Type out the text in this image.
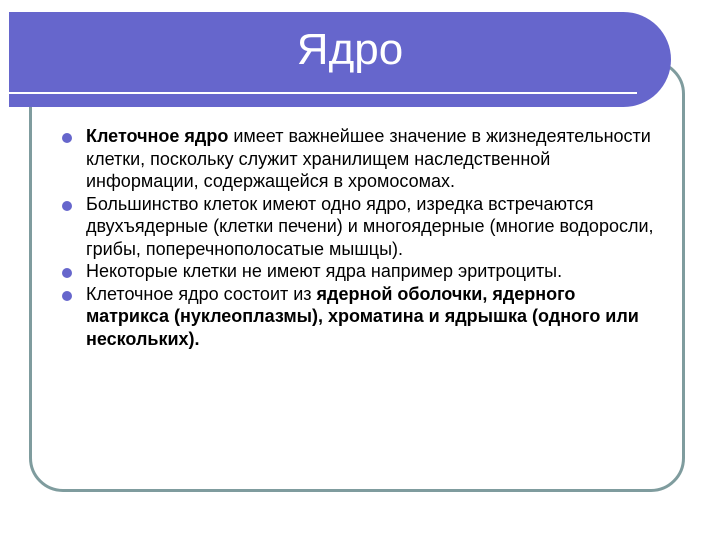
Ядро
Клеточное ядро имеет важнейшее значение в жизнедеятельности клетки, поскольку служит хранилищем наследственной информации, содержащейся в хромосомах.
Большинство клеток имеют одно ядро, изредка встречаются двухъядерные (клетки печени) и многоядерные (многие водоросли, грибы, поперечнополосатые мышцы).
Некоторые клетки не имеют ядра например эритроциты.
Клеточное ядро состоит из ядерной оболочки, ядерного матрикса (нуклеоплазмы), хроматина и ядрышка (одного или нескольких).
